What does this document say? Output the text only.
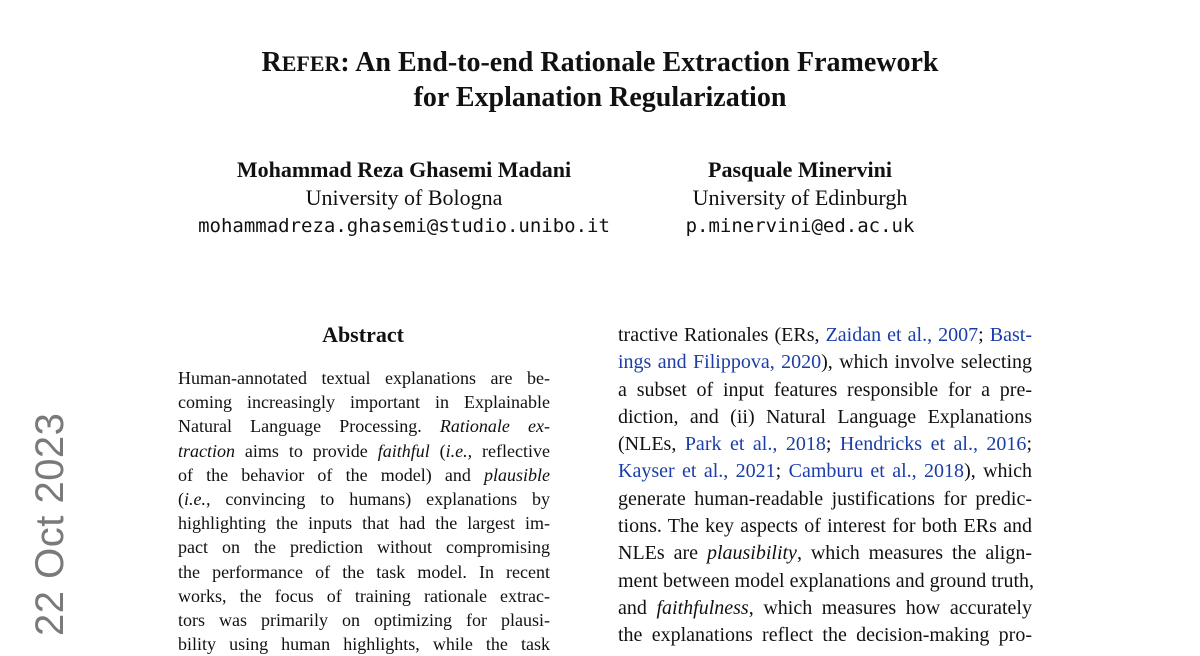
22 Oct 2023
REFER: An End-to-end Rationale Extraction Framework
for Explanation Regularization
Mohammad Reza Ghasemi Madani
University of Bologna
mohammadreza.ghasemi@studio.unibo.it
Pasquale Minervini
University of Edinburgh
p.minervini@ed.ac.uk
Abstract
Human-annotated textual explanations are be-
coming increasingly important in Explainable
Natural Language Processing. Rationale ex-
traction aims to provide faithful (i.e., reflective
of the behavior of the model) and plausible
(i.e., convincing to humans) explanations by
highlighting the inputs that had the largest im-
pact on the prediction without compromising
the performance of the task model. In recent
works, the focus of training rationale extrac-
tors was primarily on optimizing for plausi-
bility using human highlights, while the task
tractive Rationales (ERs, Zaidan et al., 2007; Bast-
ings and Filippova, 2020), which involve selecting
a subset of input features responsible for a pre-
diction, and (ii) Natural Language Explanations
(NLEs, Park et al., 2018; Hendricks et al., 2016;
Kayser et al., 2021; Camburu et al., 2018), which
generate human-readable justifications for predic-
tions. The key aspects of interest for both ERs and
NLEs are plausibility, which measures the align-
ment between model explanations and ground truth,
and faithfulness, which measures how accurately
the explanations reflect the decision-making pro-
